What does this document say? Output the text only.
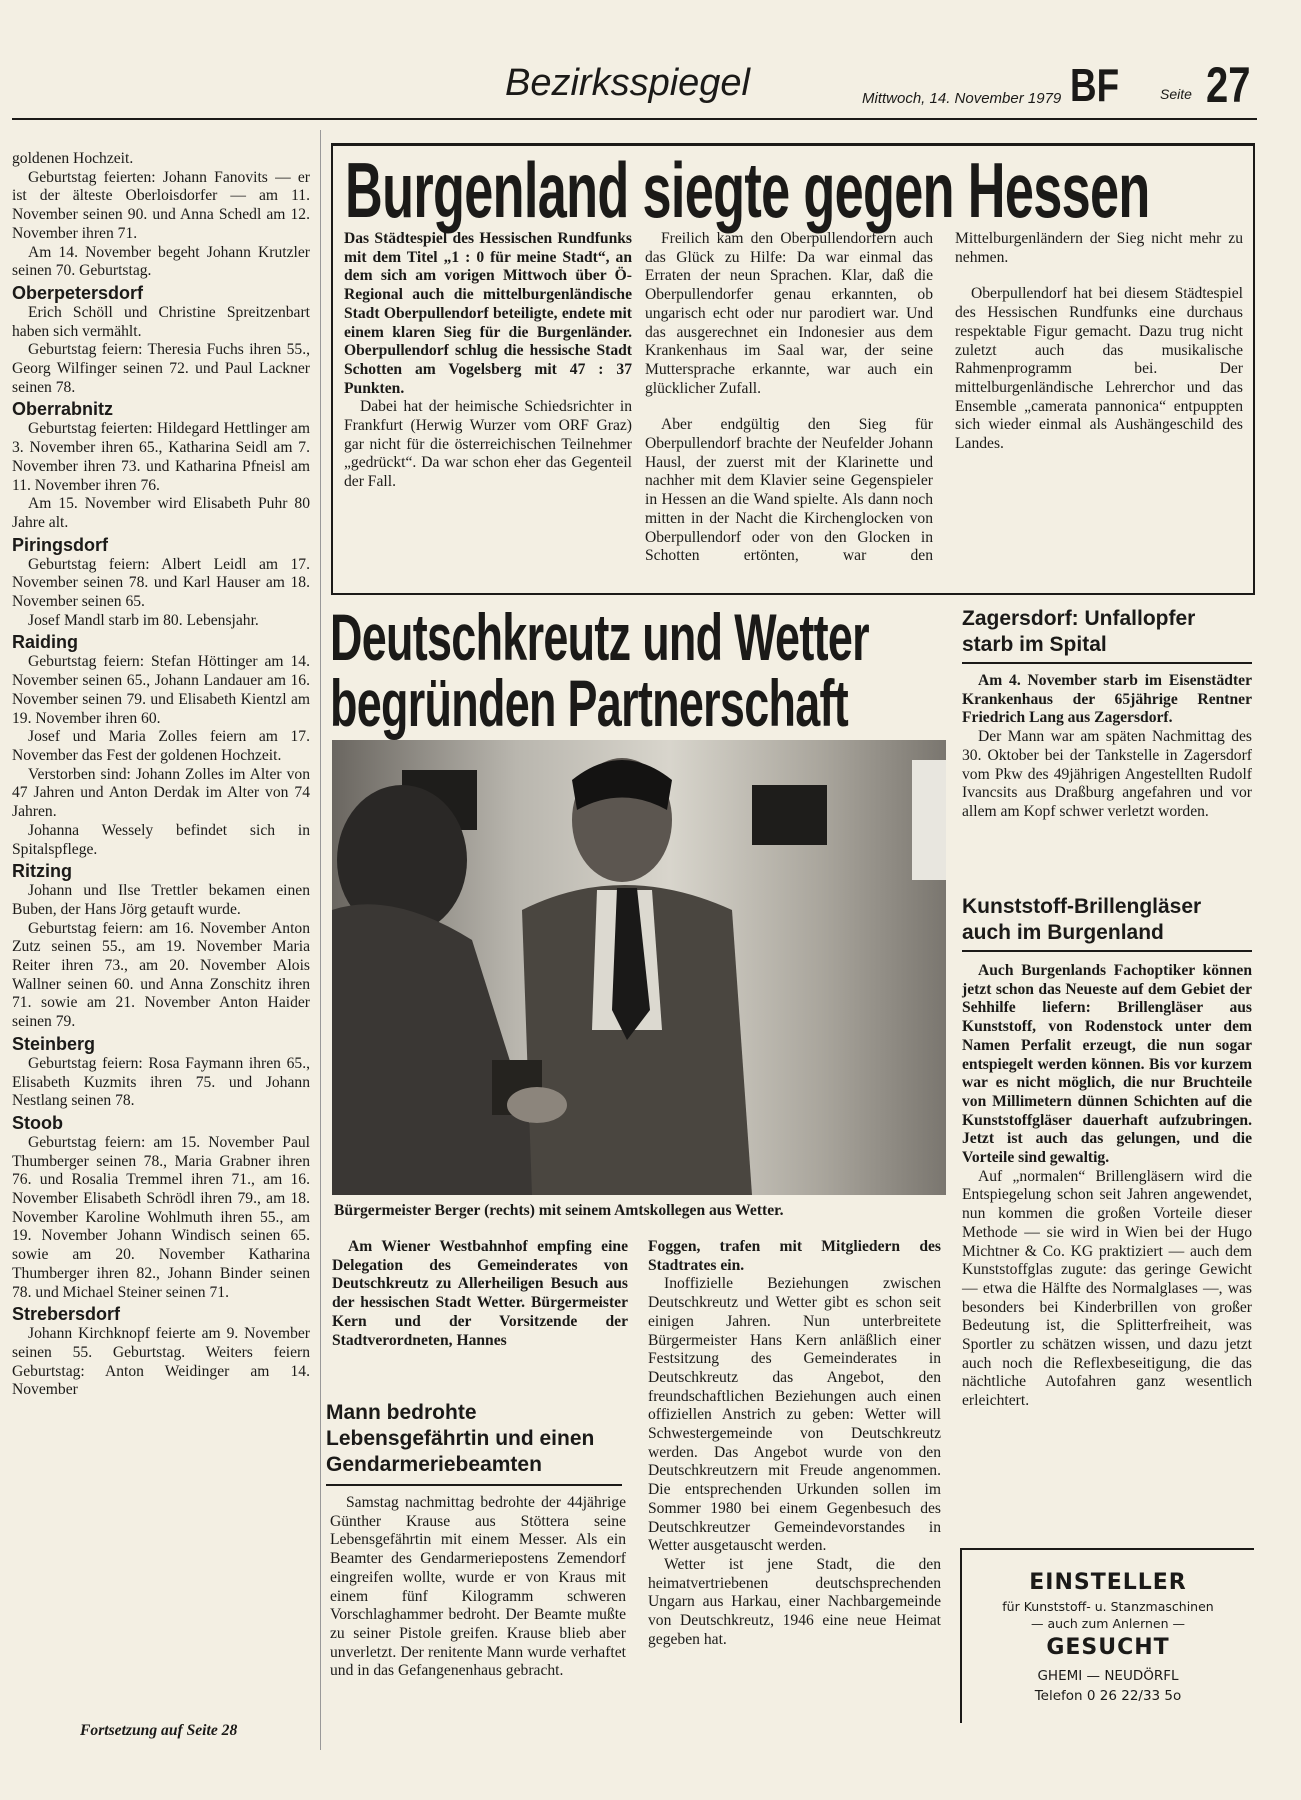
Bezirksspiegel	Mittwoch, 14. November 1979 BF	Seite 27

goldenen Hochzeit.

Geburtstag feierten: Johann Fanovits — er ist der älteste Oberloisdorfer — am 11. November seinen 90. und Anna Schedl am 12. November ihren 71.

Am 14. November begeht Johann Krutzler seinen 70. Geburtstag.

Oberpetersdorf

Erich Schöll und Christine Spreitzenbart haben sich vermählt.

Geburtstag feiern: Theresia Fuchs ihren 55., Georg Wilfinger seinen 72. und Paul Lackner seinen 78.

Oberrabnitz

Geburtstag feierten: Hildegard Hettlinger am 3. November ihren 65., Katharina Seidl am 7. November ihren 73. und Katharina Pfneisl am 11. November ihren 76.

Am 15. November wird Elisabeth Puhr 80 Jahre alt.

Piringsdorf

Geburtstag feiern: Albert Leidl am 17. November seinen 78. und Karl Hauser am 18. November seinen 65.

Josef Mandl starb im 80. Lebensjahr.

Raiding

Geburtstag feiern: Stefan Höttinger am 14. November seinen 65., Johann Landauer am 16. November seinen 79. und Elisabeth Kientzl am 19. November ihren 60.

Josef und Maria Zolles feiern am 17. November das Fest der goldenen Hochzeit.

Verstorben sind: Johann Zolles im Alter von 47 Jahren und Anton Derdak im Alter von 74 Jahren.

Johanna Wessely befindet sich in Spitalspflege.

Ritzing

Johann und Ilse Trettler bekamen einen Buben, der Hans Jörg getauft wurde.

Geburtstag feiern: am 16. November Anton Zutz seinen 55., am 19. November Maria Reiter ihren 73., am 20. November Alois Wallner seinen 60. und Anna Zonschitz ihren 71. sowie am 21. November Anton Haider seinen 79.

Steinberg

Geburtstag feiern: Rosa Faymann ihren 65., Elisabeth Kuzmits ihren 75. und Johann Nestlang seinen 78.

Stoob

Geburtstag feiern: am 15. November Paul Thumberger seinen 78., Maria Grabner ihren 76. und Rosalia Tremmel ihren 71., am 16. November Elisabeth Schrödl ihren 79., am 18. November Karoline Wohlmuth ihren 55., am 19. November Johann Windisch seinen 65. sowie am 20. November Katharina Thumberger ihren 82., Johann Binder seinen 78. und Michael Steiner seinen 71.

Strebersdorf

Johann Kirchknopf feierte am 9. November seinen 55. Geburtstag. Weiters feiern Geburtstag: Anton Weidinger am 14. November

Fortsetzung auf Seite 28
Burgenland siegte gegen Hessen

Das Städtespiel des Hessischen Rundfunks mit dem Titel „1 : 0 für meine Stadt“, an dem sich am vorigen Mittwoch über Ö-Regional auch die mittelburgenländische Stadt Oberpullendorf beteiligte, endete mit einem klaren Sieg für die Burgenländer. Oberpullendorf schlug die hessische Stadt Schotten am Vogelsberg mit 47 : 37 Punkten.

Dabei hat der heimische Schiedsrichter in Frankfurt (Herwig Wurzer vom ORF Graz) gar nicht für die österreichischen Teilnehmer „gedrückt“. Da war schon eher das Gegenteil der Fall.

Freilich kam den Oberpullendorfern auch das Glück zu Hilfe: Da war einmal das Erraten der neun Sprachen. Klar, daß die Oberpullendorfer genau erkannten, ob ungarisch echt oder nur parodiert war. Und das ausgerechnet ein Indonesier aus dem Krankenhaus im Saal war, der seine Muttersprache erkannte, war auch ein glücklicher Zufall.

Aber endgültig den Sieg für Oberpullendorf brachte der Neufelder Johann Hausl, der zuerst mit der Klarinette und nachher mit dem Klavier seine Gegenspieler in Hessen an die Wand spielte. Als dann noch mitten in der Nacht die Kirchenglocken von Oberpullendorf oder von den Glocken in Schotten ertönten, war den Mittelburgenländern der Sieg nicht mehr zu nehmen.

Oberpullendorf hat bei diesem Städtespiel des Hessischen Rundfunks eine durchaus respektable Figur gemacht. Dazu trug nicht zuletzt auch das musikalische Rahmenprogramm bei. Der mittelburgenländische Lehrerchor und das Ensemble „camerata pannonica“ entpuppten sich wieder einmal als Aushängeschild des Landes.

Deutschkreutz und Wetter
begründen Partnerschaft
Bürgermeister Berger (rechts) mit seinem Amtskollegen aus Wetter.

Am Wiener Westbahnhof empfing eine Delegation des Gemeinderates von Deutschkreutz zu Allerheiligen Besuch aus der hessischen Stadt Wetter. Bürgermeister Kern und der Vorsitzende der Stadtverordneten, Hannes

Foggen, trafen mit Mitgliedern des Stadtrates ein.

Inoffizielle Beziehungen zwischen Deutschkreutz und Wetter gibt es schon seit einigen Jahren. Nun unterbreitete Bürgermeister Hans Kern anläßlich einer Festsitzung des Gemeinderates in Deutschkreutz das Angebot, den freundschaftlichen Beziehungen auch einen offiziellen Anstrich zu geben: Wetter will Schwestergemeinde von Deutschkreutz werden. Das Angebot wurde von den Deutschkreutzern mit Freude angenommen. Die entsprechenden Urkunden sollen im Sommer 1980 bei einem Gegenbesuch des Deutschkreutzer Gemeindevorstandes in Wetter ausgetauscht werden.

Wetter ist jene Stadt, die den heimatvertriebenen deutschsprechenden Ungarn aus Harkau, einer Nachbargemeinde von Deutschkreutz, 1946 eine neue Heimat gegeben hat.

Mann bedrohte Lebensgefährtin und einen Gendarmeriebeamten

Samstag nachmittag bedrohte der 44jährige Günther Krause aus Stöttera seine Lebensgefährtin mit einem Messer. Als ein Beamter des Gendarmeriepostens Zemendorf eingreifen wollte, wurde er von Kraus mit einem fünf Kilogramm schweren Vorschlaghammer bedroht. Der Beamte mußte zu seiner Pistole greifen. Krause blieb aber unverletzt. Der renitente Mann wurde verhaftet und in das Gefangenenhaus gebracht.

Zagersdorf: Unfallopfer starb im Spital

Am 4. November starb im Eisenstädter Krankenhaus der 65jährige Rentner Friedrich Lang aus Zagersdorf.

Der Mann war am späten Nachmittag des 30. Oktober bei der Tankstelle in Zagersdorf vom Pkw des 49jährigen Angestellten Rudolf Ivancsits aus Draßburg angefahren und vor allem am Kopf schwer verletzt worden.

Kunststoff-Brillengläser auch im Burgenland

Auch Burgenlands Fachoptiker können jetzt schon das Neueste auf dem Gebiet der Sehhilfe liefern: Brillengläser aus Kunststoff, von Rodenstock unter dem Namen Perfalit erzeugt, die nun sogar entspiegelt werden können. Bis vor kurzem war es nicht möglich, die nur Bruchteile von Millimetern dünnen Schichten auf die Kunststoffgläser dauerhaft aufzubringen. Jetzt ist auch das gelungen, und die Vorteile sind gewaltig.

Auf „normalen“ Brillengläsern wird die Entspiegelung schon seit Jahren angewendet, nun kommen die großen Vorteile dieser Methode — sie wird in Wien bei der Hugo Michtner & Co. KG praktiziert — auch dem Kunststoffglas zugute: das geringe Gewicht — etwa die Hälfte des Normalglases —, was besonders bei Kinderbrillen von großer Bedeutung ist, die Splitterfreiheit, was Sportler zu schätzen wissen, und dazu jetzt auch noch die Reflexbeseitigung, die das nächtliche Autofahren ganz wesentlich erleichtert.

EINSTELLER
für Kunststoff- u. Stanzmaschinen
— auch zum Anlernen —
GESUCHT
GHEMI — NEUDÖRFL
Telefon 0 26 22/33 5o
